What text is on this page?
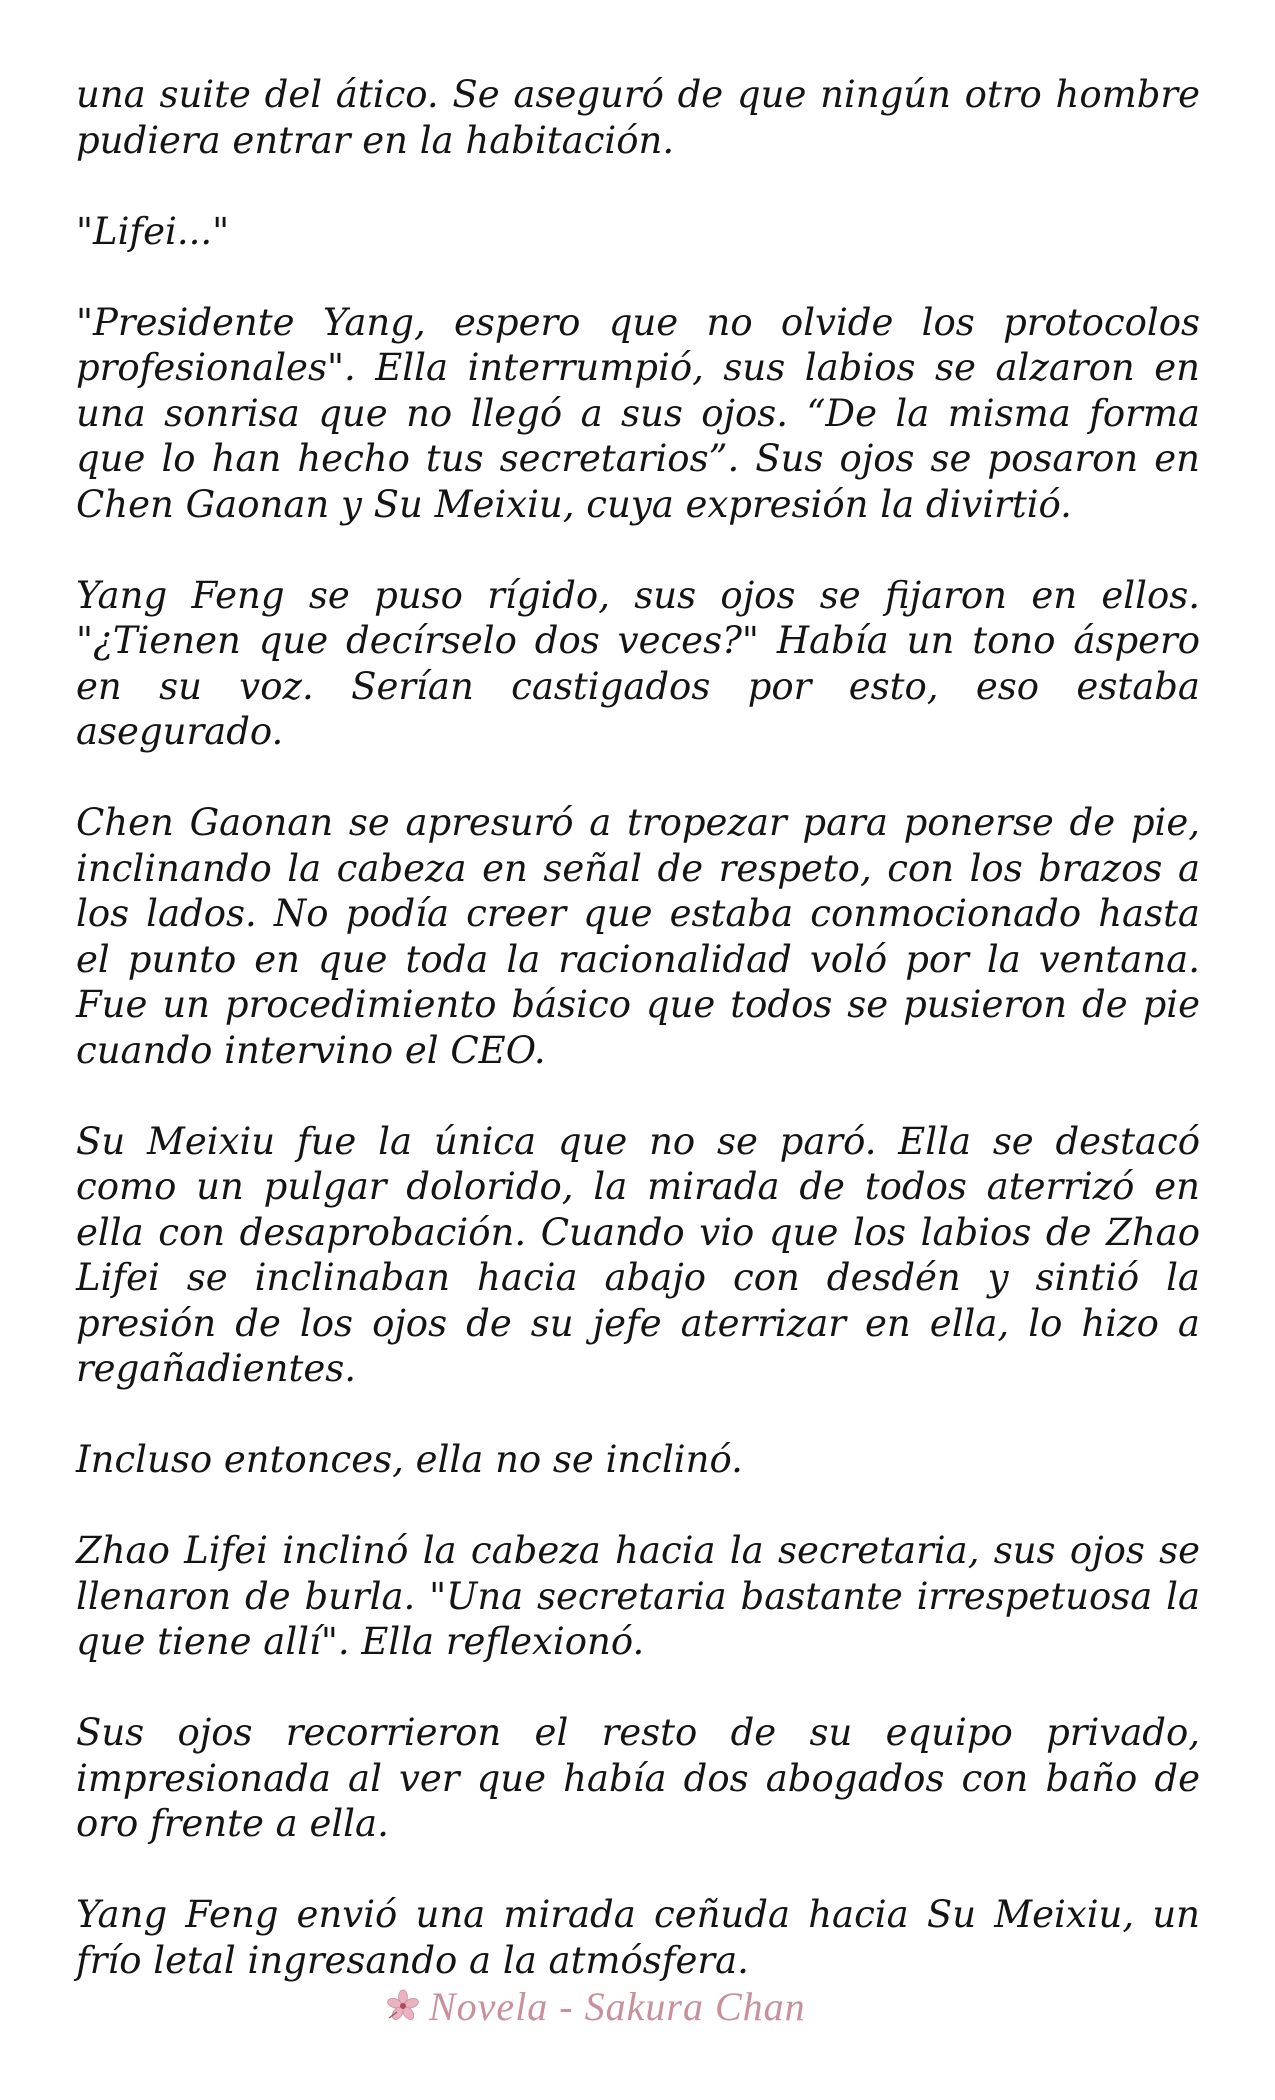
una suite del ático. Se aseguró de que ningún otro hombre pudiera entrar en la habitación.

"Lifei..."

"Presidente Yang, espero que no olvide los protocolos profesionales". Ella interrumpió, sus labios se alzaron en una sonrisa que no llegó a sus ojos. “De la misma forma que lo han hecho tus secretarios”. Sus ojos se posaron en Chen Gaonan y Su Meixiu, cuya expresión la divirtió.

Yang Feng se puso rígido, sus ojos se fijaron en ellos. "¿Tienen que decírselo dos veces?" Había un tono áspero en su voz. Serían castigados por esto, eso estaba asegurado.

Chen Gaonan se apresuró a tropezar para ponerse de pie, inclinando la cabeza en señal de respeto, con los brazos a los lados. No podía creer que estaba conmocionado hasta el punto en que toda la racionalidad voló por la ventana. Fue un procedimiento básico que todos se pusieron de pie cuando intervino el CEO.

Su Meixiu fue la única que no se paró. Ella se destacó como un pulgar dolorido, la mirada de todos aterrizó en ella con desaprobación. Cuando vio que los labios de Zhao Lifei se inclinaban hacia abajo con desdén y sintió la presión de los ojos de su jefe aterrizar en ella, lo hizo a regañadientes.

Incluso entonces, ella no se inclinó.

Zhao Lifei inclinó la cabeza hacia la secretaria, sus ojos se llenaron de burla. "Una secretaria bastante irrespetuosa la que tiene allí". Ella reflexionó.

Sus ojos recorrieron el resto de su equipo privado, impresionada al ver que había dos abogados con baño de oro frente a ella.

Yang Feng envió una mirada ceñuda hacia Su Meixiu, un frío letal ingresando a la atmósfera.

Novela - Sakura Chan
